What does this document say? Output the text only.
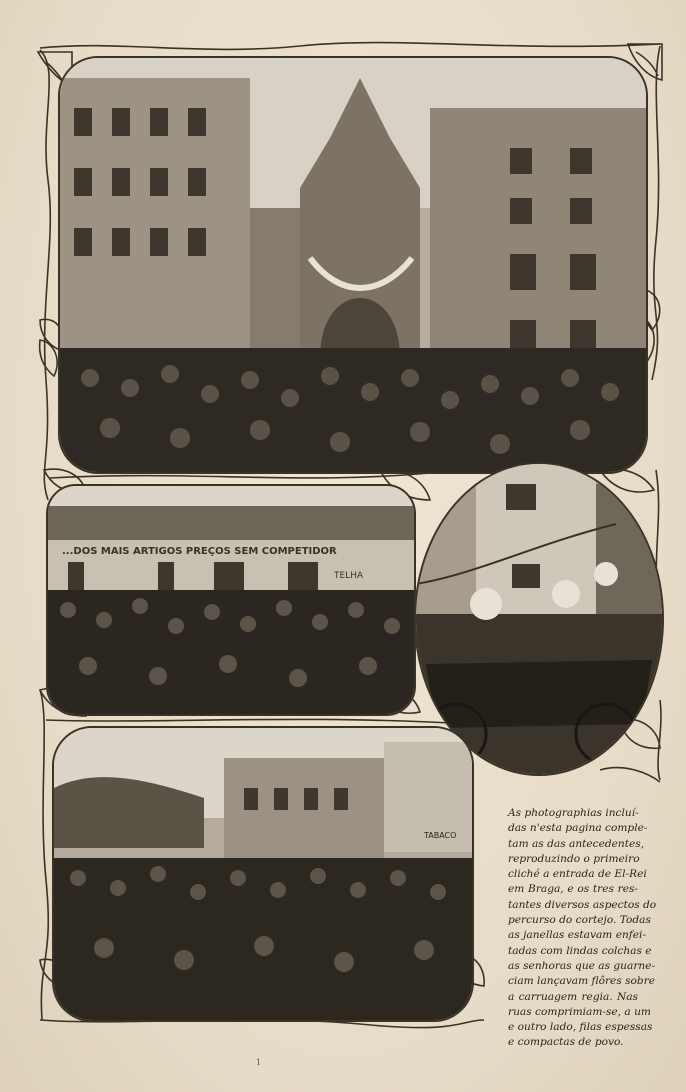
...DOS MAIS ARTIGOS PREÇOS SEM COMPETIDOR
TELHA
TABACO
As photographias incluí-
das n'esta pagina comple-
tam as das antecedentes,
reproduzindo o primeiro
cliché a entrada de El-Rei
em Braga, e os tres res-
tantes diversos aspectos do
percurso do cortejo. Todas
as janellas estavam enfei-
tadas com lindas colchas e
as senhoras que as guarne-
ciam lançavam flôres sobre
a carruagem regia. Nas
ruas comprimiam-se, a um
e outro lado, filas espessas
e compactas de povo.
1
